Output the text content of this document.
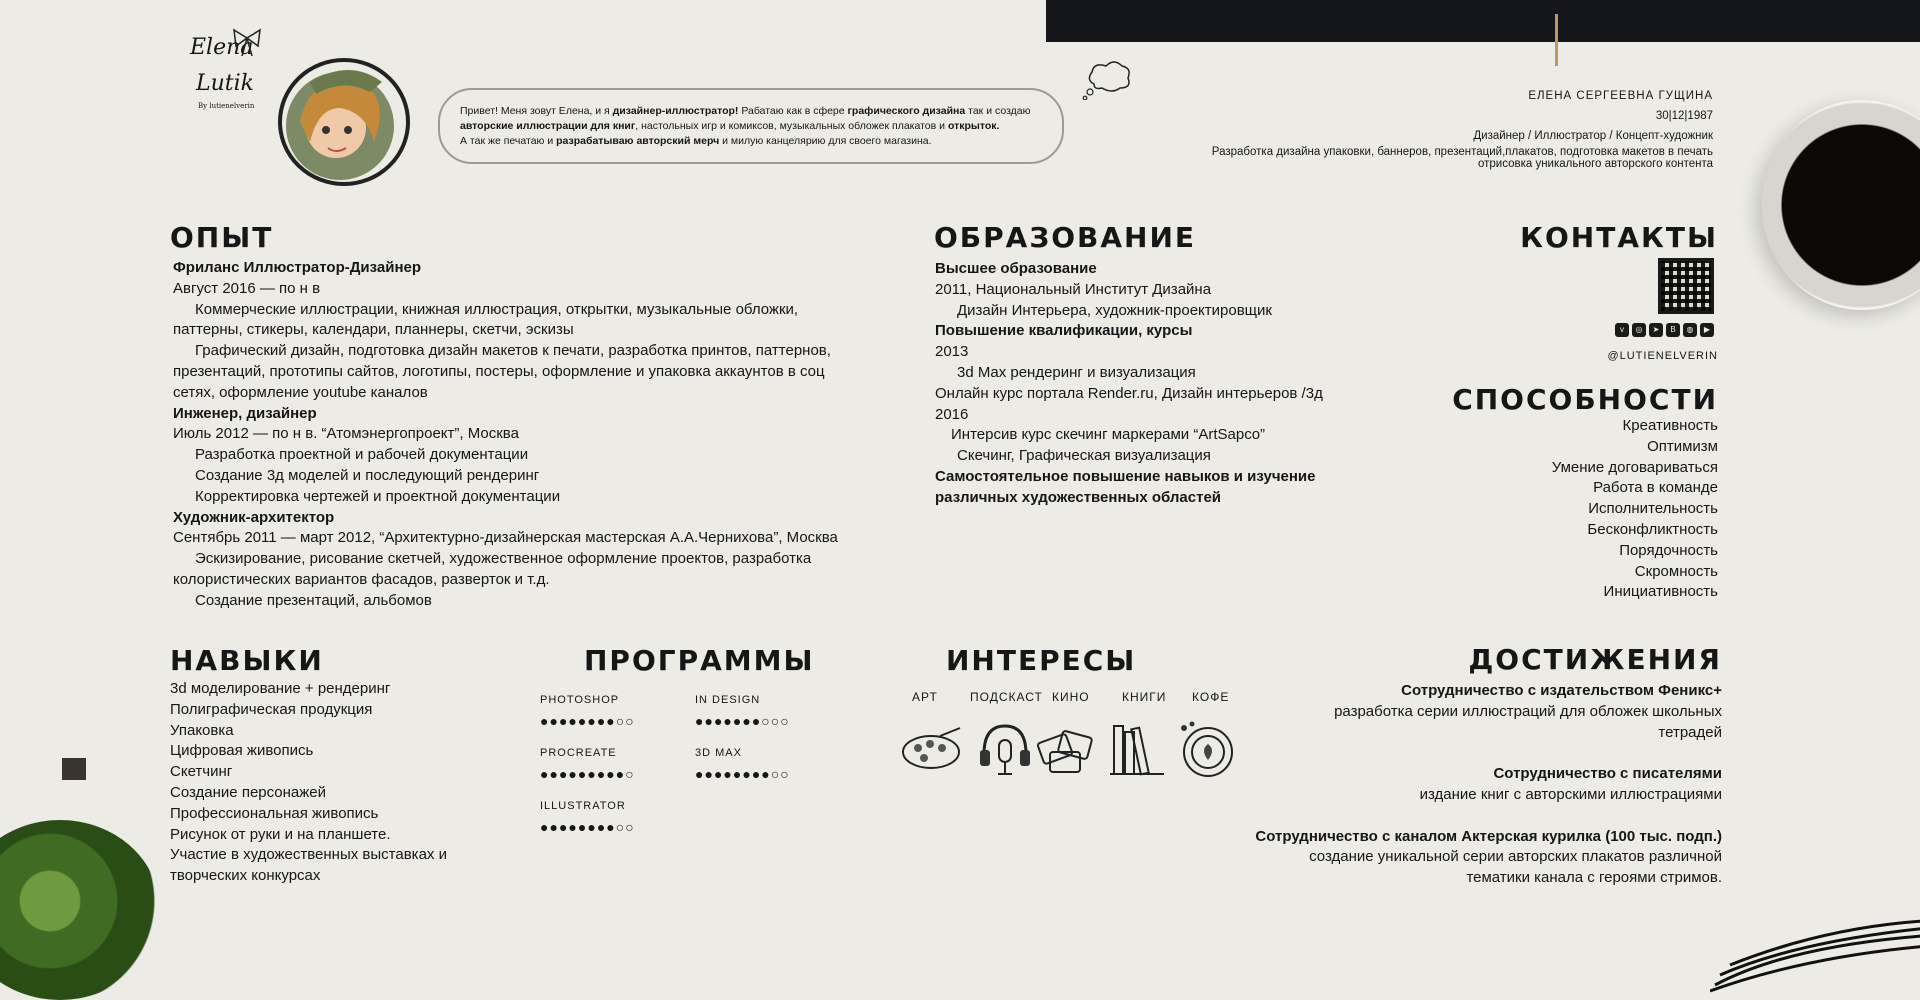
Elena
Lutik
By lutienelverin	Привет! Меня зовут Елена, и я дизайнер-иллюстратор! Рабатаю как в сфере графического дизайна так и создаю
авторские иллюстрации для книг, настольных игр и комиксов, музыкальных обложек плакатов и открыток.
А так же печатаю и разрабатываю авторский мерч и милую канцелярию для своего магазина.
ЕЛЕНА СЕРГЕЕВНА ГУЩИНА
30|12|1987
Дизайнер / Иллюстратор / Концепт-художник
Разработка дизайна упаковки, баннеров, презентаций,плакатов, подготовка макетов в печать
отрисовка уникального авторского контента
ОПЫТ
Фриланс Иллюстратор-Дизайнер
Август 2016 — по н в
Коммерческие иллюстрации, книжная иллюстрация, открытки, музыкальные обложки,
паттерны, стикеры, календари, планнеры, скетчи, эскизы
Графический дизайн, подготовка дизайн макетов к печати, разработка принтов, паттернов,
презентаций, прототипы сайтов, логотипы, постеры, оформление и упаковка аккаунтов в соц
сетях, оформление youtube каналов
Инженер, дизайнер
Июль 2012 — по н в. “Атомэнергопроект”, Москва
Разработка проектной и рабочей документации
Создание 3д моделей и последующий рендеринг
Корректировка чертежей и проектной документации
Художник-архитектор
Сентябрь 2011 — март 2012, “Архитектурно-дизайнерская мастерская А.А.Чернихова”, Москва
Эскизирование, рисование скетчей, художественное оформление проектов, разработка
колористических вариантов фасадов, разверток и т.д.
Создание презентаций, альбомов
ОБРАЗОВАНИЕ
Высшее образование
2011, Национальный Институт Дизайна
Дизайн Интерьера, художник-проектировщик
Повышение квалификации, курсы
2013
3d Max рендеринг и визуализация
Онлайн курс портала Render.ru, Дизайн интерьеров /3д
2016
Интерсив курс скечинг маркерами “ArtSapco”
Скечинг, Графическая визуализация
Самостоятельное повышение навыков и изучение
различных художественных областей
КОНТАКТЫ
v	◎	➤	B	◍	▶
@LUTIENELVERIN
СПОСОБНОСТИ
Креативность
Оптимизм
Умение договариваться
Работа в команде
Исполнительность
Бесконфликтность
Порядочность
Скромность
Инициативность
НАВЫКИ
3d моделирование + рендеринг
Полиграфическая продукция
Упаковка
Цифровая живопись
Скетчинг
Создание персонажей
Профессиональная живопись
Рисунок от руки и на планшете.
Участие в художественных выставках и
творческих конкурсах
ПРОГРАММЫ
PHOTOSHOP
●●●●●●●●○○
IN DESIGN
●●●●●●●○○○
PROCREATE
●●●●●●●●●○
3D MAX
●●●●●●●●○○
ILLUSTRATOR
●●●●●●●●○○
ИНТЕРЕСЫ
АРТ	ПОДСКАСТ КИНО	КНИГИ КОФЕ
ДОСТИЖЕНИЯ
Сотрудничество с издательством Феникс+
разработка серии иллюстраций для обложек школьных
тетрадей
Сотрудничество с писателями
издание книг с авторскими иллюстрациями
Сотрудничество с каналом Актерская курилка (100 тыс. подп.)
создание уникальной серии авторских плакатов различной
тематики канала с героями стримов.
